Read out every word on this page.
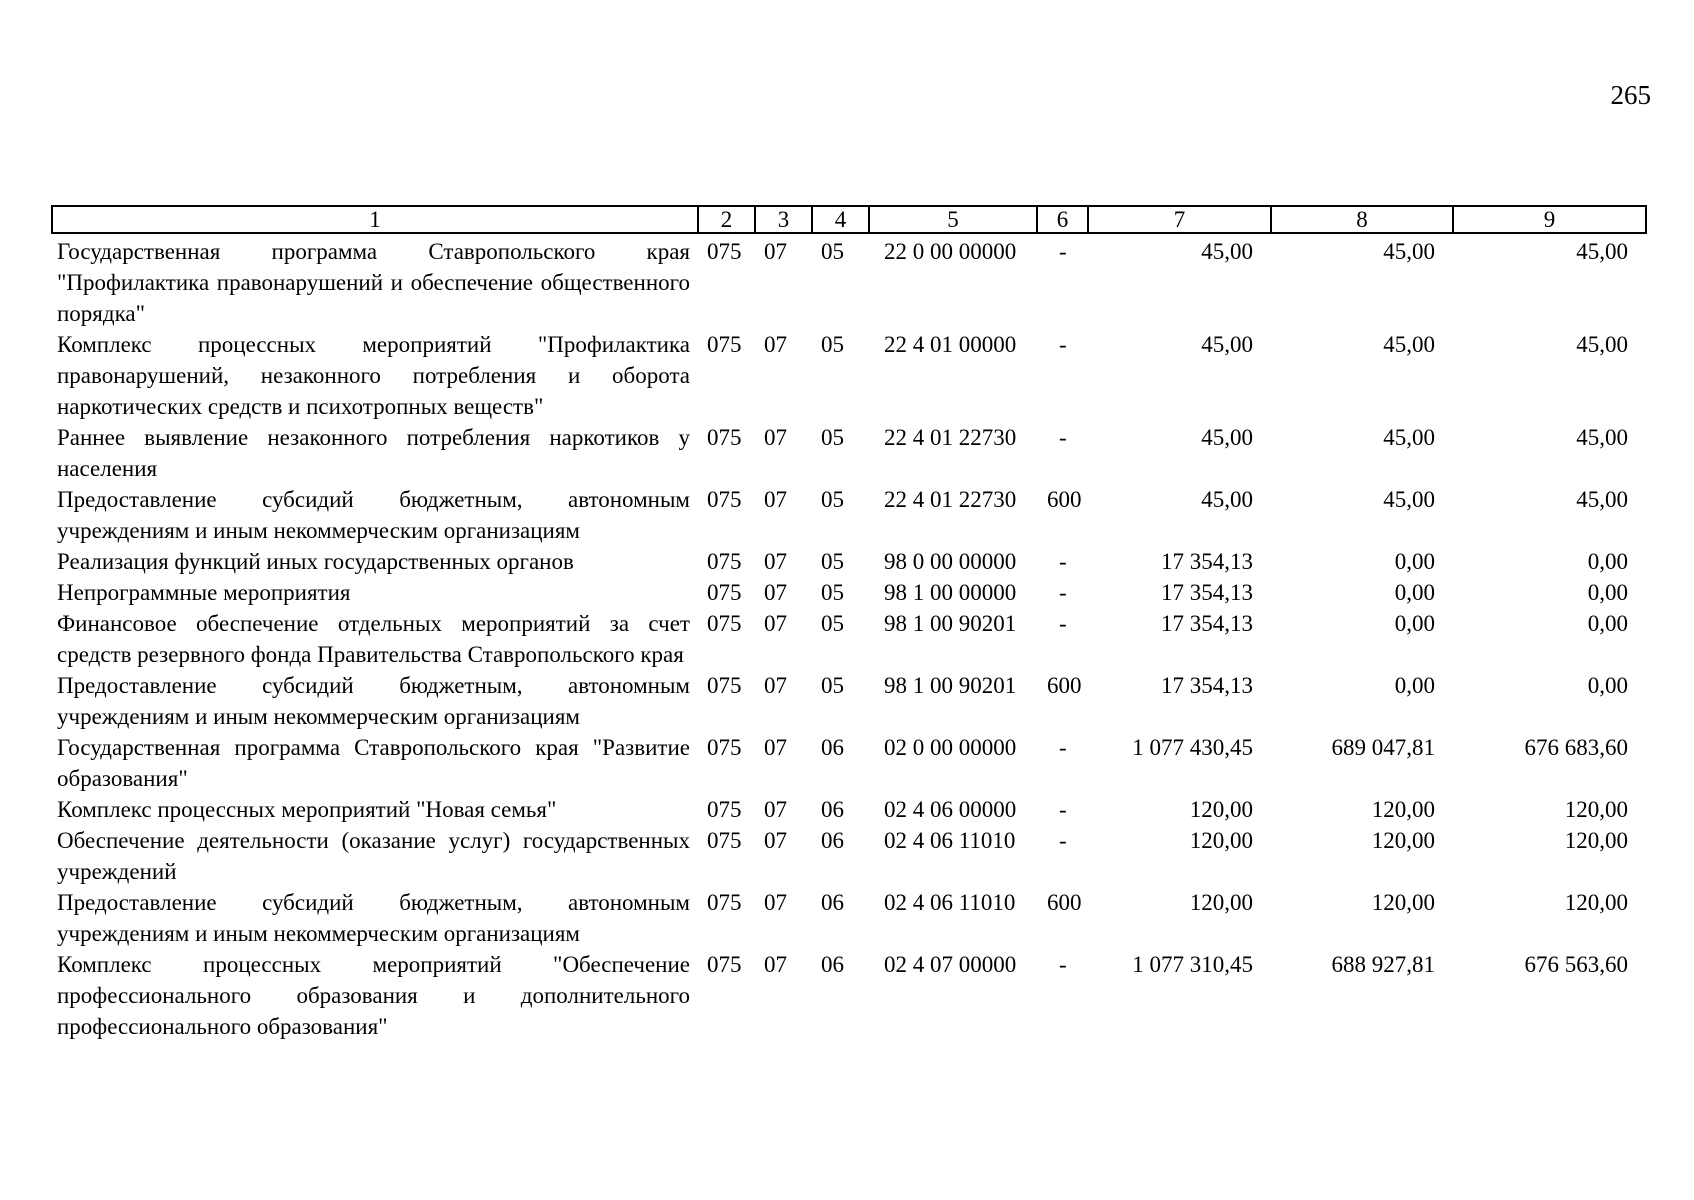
265
1	2	3	4	5	6	7	8	9
Государственная программа Ставропольского края "Профилактика правонарушений и обеспечение общественного порядка"	075	07	05	22 0 00 00000	-	45,00	45,00	45,00
Комплекс процессных мероприятий "Профилактика правонарушений, незаконного потребления и оборота наркотических средств и психотропных веществ"	075	07	05	22 4 01 00000	-	45,00	45,00	45,00
Раннее выявление незаконного потребления наркотиков у населения	075	07	05	22 4 01 22730	-	45,00	45,00	45,00
Предоставление субсидий бюджетным, автономным учреждениям и иным некоммерческим организациям	075	07	05	22 4 01 22730	600	45,00	45,00	45,00
Реализация функций иных государственных органов	075	07	05	98 0 00 00000	-	17 354,13	0,00	0,00
Непрограммные мероприятия	075	07	05	98 1 00 00000	-	17 354,13	0,00	0,00
Финансовое обеспечение отдельных мероприятий за счет средств резервного фонда Правительства Ставропольского края	075	07	05	98 1 00 90201	-	17 354,13	0,00	0,00
Предоставление субсидий бюджетным, автономным учреждениям и иным некоммерческим организациям	075	07	05	98 1 00 90201	600	17 354,13	0,00	0,00
Государственная программа Ставропольского края "Развитие образования"	075	07	06	02 0 00 00000	-	1 077 430,45	689 047,81	676 683,60
Комплекс процессных мероприятий "Новая семья"	075	07	06	02 4 06 00000	-	120,00	120,00	120,00
Обеспечение деятельности (оказание услуг) государственных учреждений	075	07	06	02 4 06 11010	-	120,00	120,00	120,00
Предоставление субсидий бюджетным, автономным учреждениям и иным некоммерческим организациям	075	07	06	02 4 06 11010	600	120,00	120,00	120,00
Комплекс процессных мероприятий "Обеспечение профессионального образования и дополнительного профессионального образования"	075	07	06	02 4 07 00000	-	1 077 310,45	688 927,81	676 563,60
